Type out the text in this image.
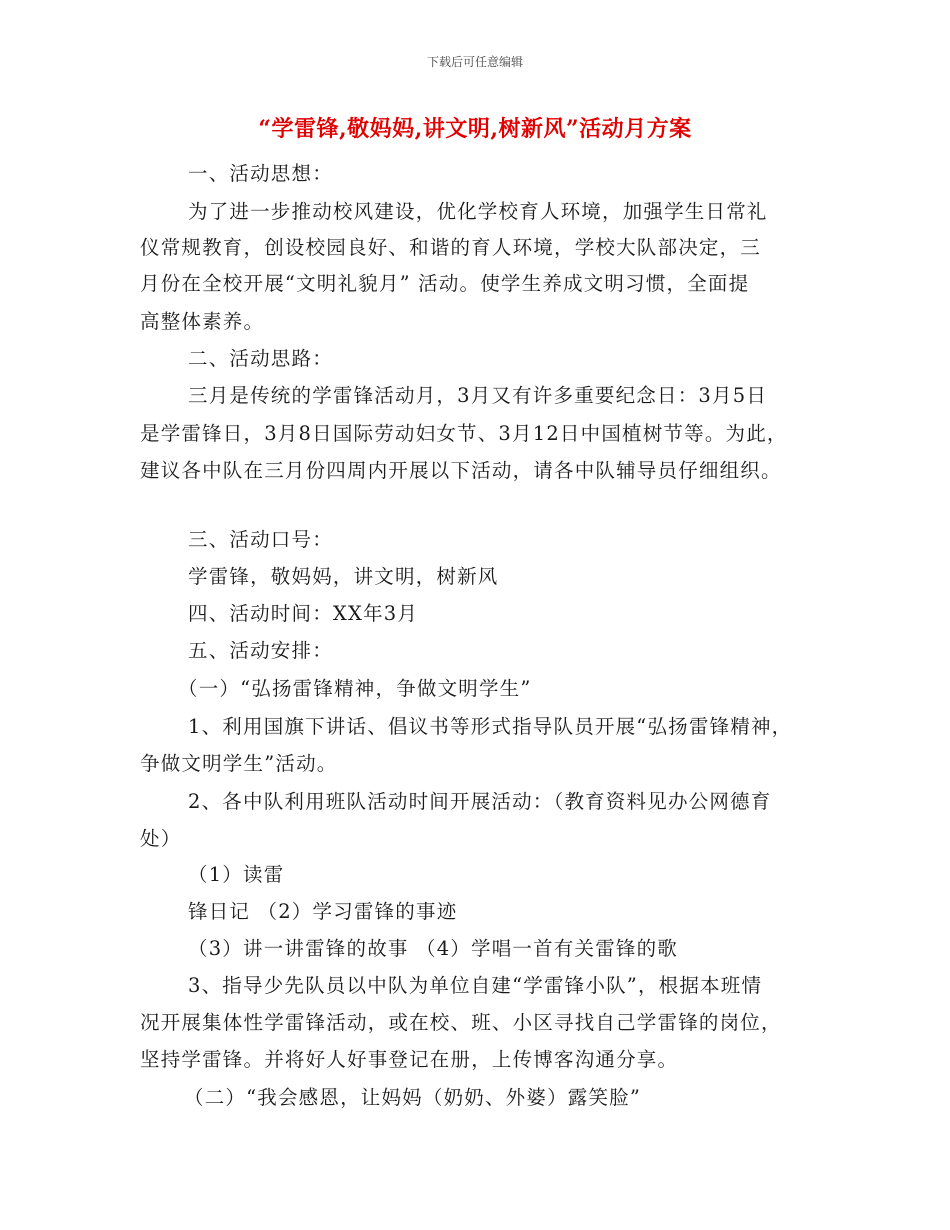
下载后可任意编辑
“学雷锋,敬妈妈,讲文明,树新风”活动月方案
一、活动思想：
为了进一步推动校风建设，优化学校育人环境，加强学生日常礼
仪常规教育，创设校园良好、和谐的育人环境，学校大队部决定，三
月份在全校开展“文明礼貌月” 活动。使学生养成文明习惯，全面提
高整体素养。
二、活动思路：
三月是传统的学雷锋活动月，3月又有许多重要纪念日：3月5日
是学雷锋日，3月8日国际劳动妇女节、3月12日中国植树节等。为此，
建议各中队在三月份四周内开展以下活动，请各中队辅导员仔细组织。
三、活动口号：
学雷锋，敬妈妈，讲文明，树新风
四、活动时间：XX年3月
五、活动安排：
（一）“弘扬雷锋精神，争做文明学生”
1、利用国旗下讲话、倡议书等形式指导队员开展“弘扬雷锋精神，
争做文明学生”活动。
2、各中队利用班队活动时间开展活动：（教育资料见办公网德育
处）
（1）读雷
锋日记 （2）学习雷锋的事迹
（3）讲一讲雷锋的故事 （4）学唱一首有关雷锋的歌
3、指导少先队员以中队为单位自建“学雷锋小队”，根据本班情
况开展集体性学雷锋活动，或在校、班、小区寻找自己学雷锋的岗位，
坚持学雷锋。并将好人好事登记在册，上传博客沟通分享。
（二）“我会感恩，让妈妈（奶奶、外婆）露笑脸”
